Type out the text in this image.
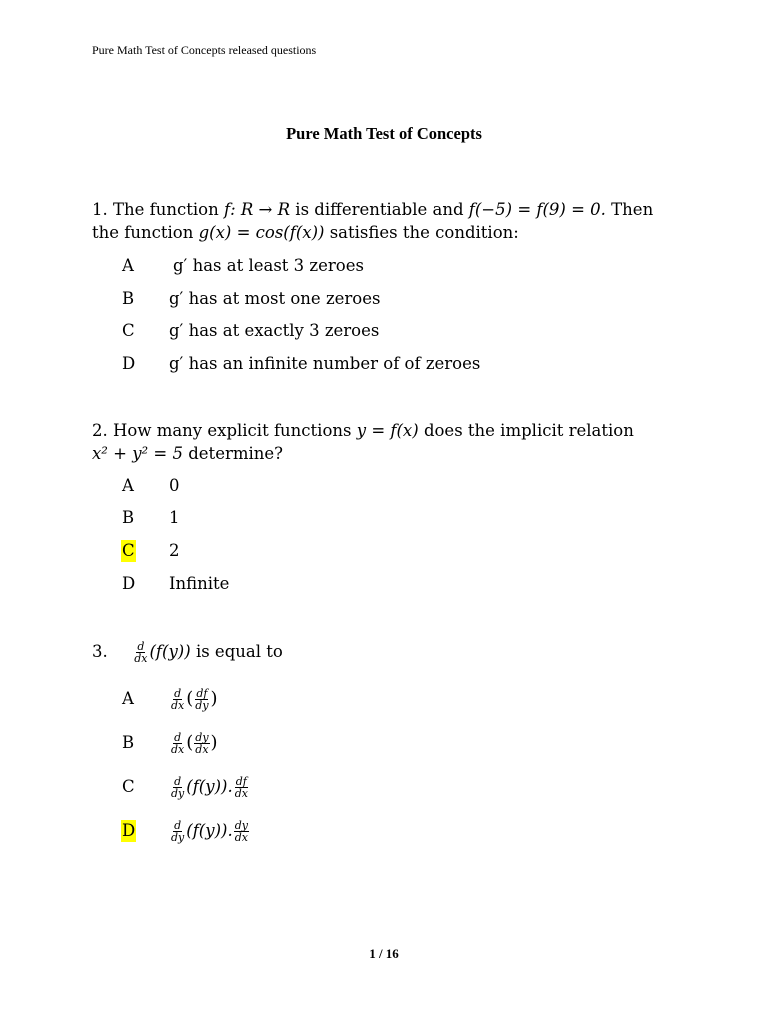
Pure Math Test of Concepts released questions
Pure Math Test of Concepts
1. The function f: R → R is differentiable and f(−5) = f(9) = 0. Then
the function g(x) = cos(f(x)) satisfies the condition:
A g′ has at least 3 zeroes
B g′ has at most one zeroes
C g′ has at exactly 3 zeroes
D g′ has an infinite number of of zeroes
2. How many explicit functions y = f(x) does the implicit relation
x² + y² = 5 determine?
A 0
B 1
C 2
D Infinite
3. $\frac{d}{dx} (f(y))$ is equal to
A	$\frac{d}{dx}$ ( $\frac{df}{dy}$ )
B	$\frac{d}{dx}$ ( $\frac{dy}{dx}$ )
C	$\frac{d}{dy} (f(y))$. $\frac{df}{dx}$
D	$\frac{d}{dy} (f(y))$. $\frac{dy}{dx}$
1 / 16
